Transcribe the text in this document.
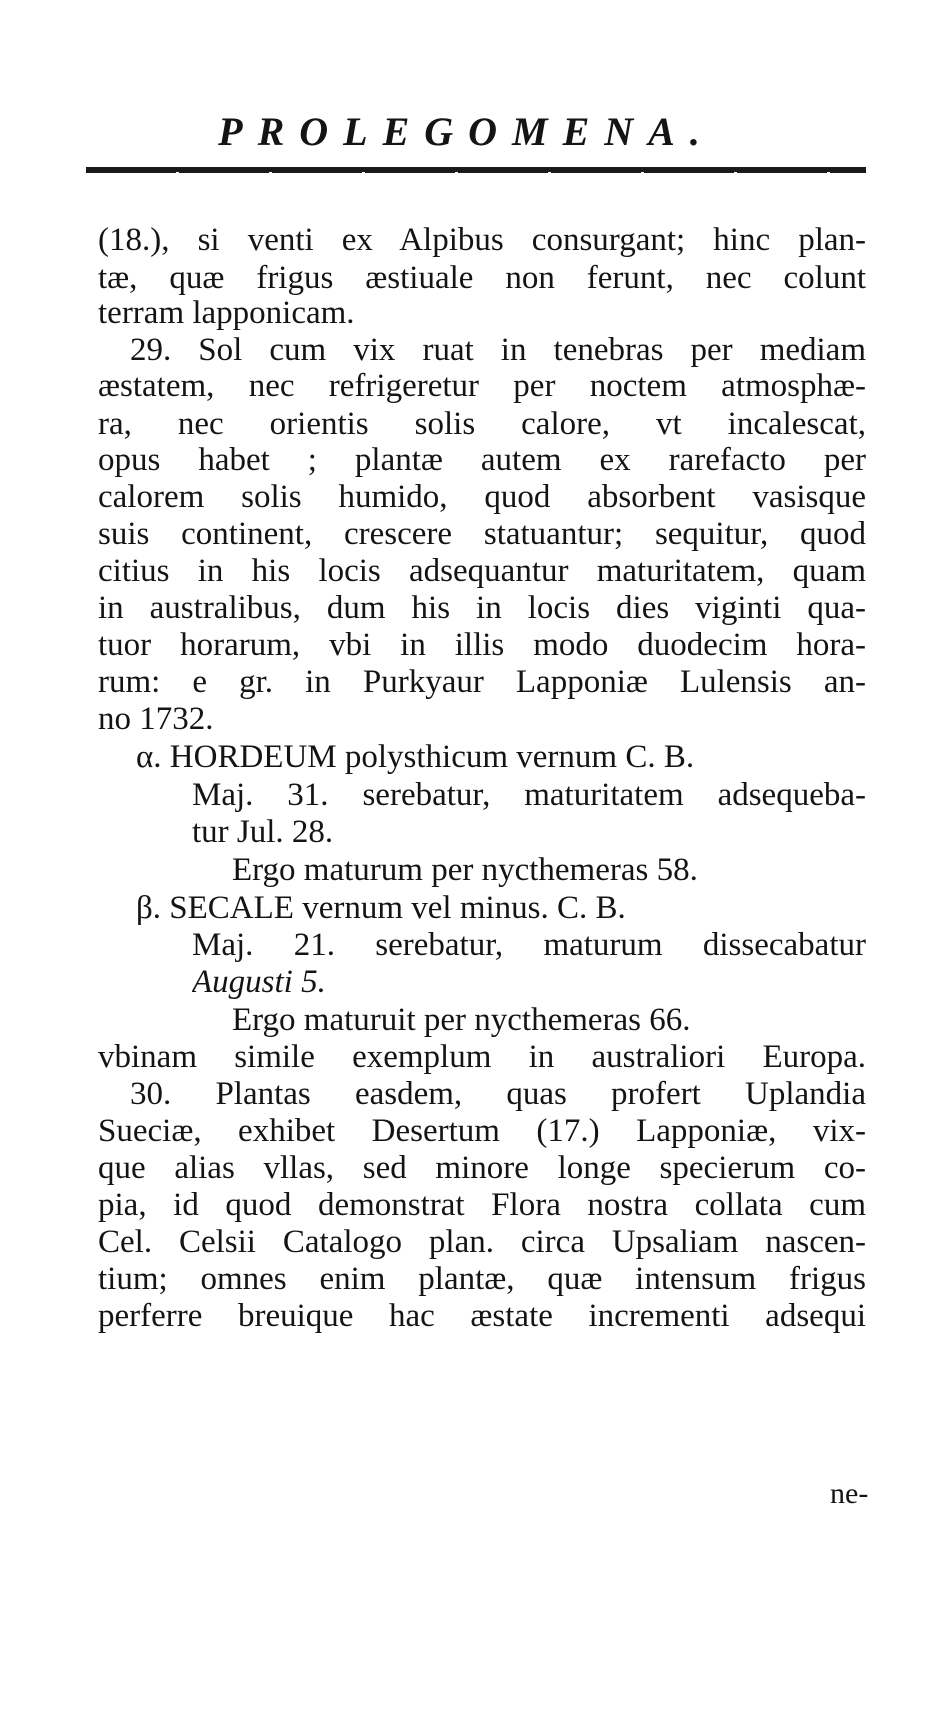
PROLEGOMENA.
(18.), si venti ex Alpibus consurgant; hinc plan-
tæ, quæ frigus æstiuale non ferunt, nec colunt
terram lapponicam.
29. Sol cum vix ruat in tenebras per mediam
æstatem, nec refrigeretur per noctem atmosphæ-
ra, nec orientis solis calore, vt incalescat,
opus habet ; plantæ autem ex rarefacto per
calorem solis humido, quod absorbent vasisque
suis continent, crescere statuantur; sequitur, quod
citius in his locis adsequantur maturitatem, quam
in australibus, dum his in locis dies viginti qua-
tuor horarum, vbi in illis modo duodecim hora-
rum: e gr. in Purkyaur Lapponiæ Lulensis an-
no 1732.
α. HORDEUM polysthicum vernum C. B.
Maj. 31. serebatur, maturitatem adsequeba-
tur Jul. 28.
Ergo maturum per nycthemeras 58.
β. SECALE vernum vel minus. C. B.
Maj. 21. serebatur, maturum dissecabatur
Augusti 5.
Ergo maturuit per nycthemeras 66.
vbinam simile exemplum in australiori Europa.
30. Plantas easdem, quas profert Uplandia
Sueciæ, exhibet Desertum (17.) Lapponiæ, vix-
que alias vllas, sed minore longe specierum co-
pia, id quod demonstrat Flora nostra collata cum
Cel. Celsii Catalogo plan. circa Upsaliam nascen-
tium; omnes enim plantæ, quæ intensum frigus
perferre breuique hac æstate incrementi adsequi
ne-
